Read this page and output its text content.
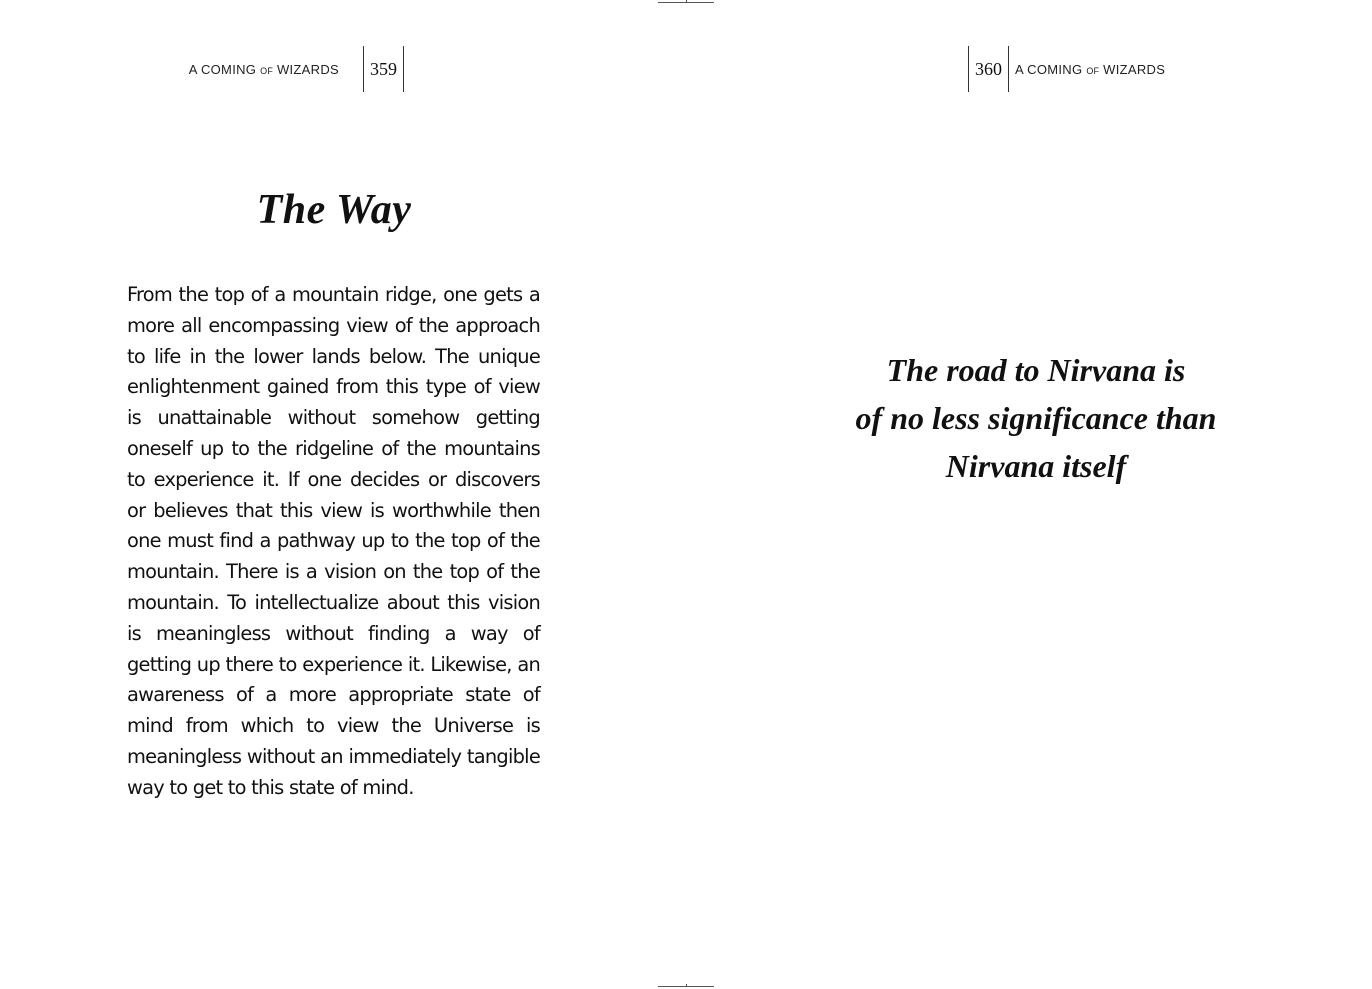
A COMING OF WIZARDS	359
The Way

From the top of a mountain ridge, one gets a more all encompassing view of the approach to life in the lower lands below. The unique enlightenment gained from this type of view is unattainable without somehow getting oneself up to the ridgeline of the mountains to experience it. If one decides or discovers or believes that this view is worthwhile then one must find a pathway up to the top of the mountain. There is a vision on the top of the mountain. To intellectualize about this vision is meaningless without finding a way of getting up there to experience it. Likewise, an awareness of a more appropriate state of mind from which to view the Universe is meaningless without an immediately tangible way to get to this state of mind.

360	A COMING OF WIZARDS
The road to Nirvana is
of no less significance than
Nirvana itself
